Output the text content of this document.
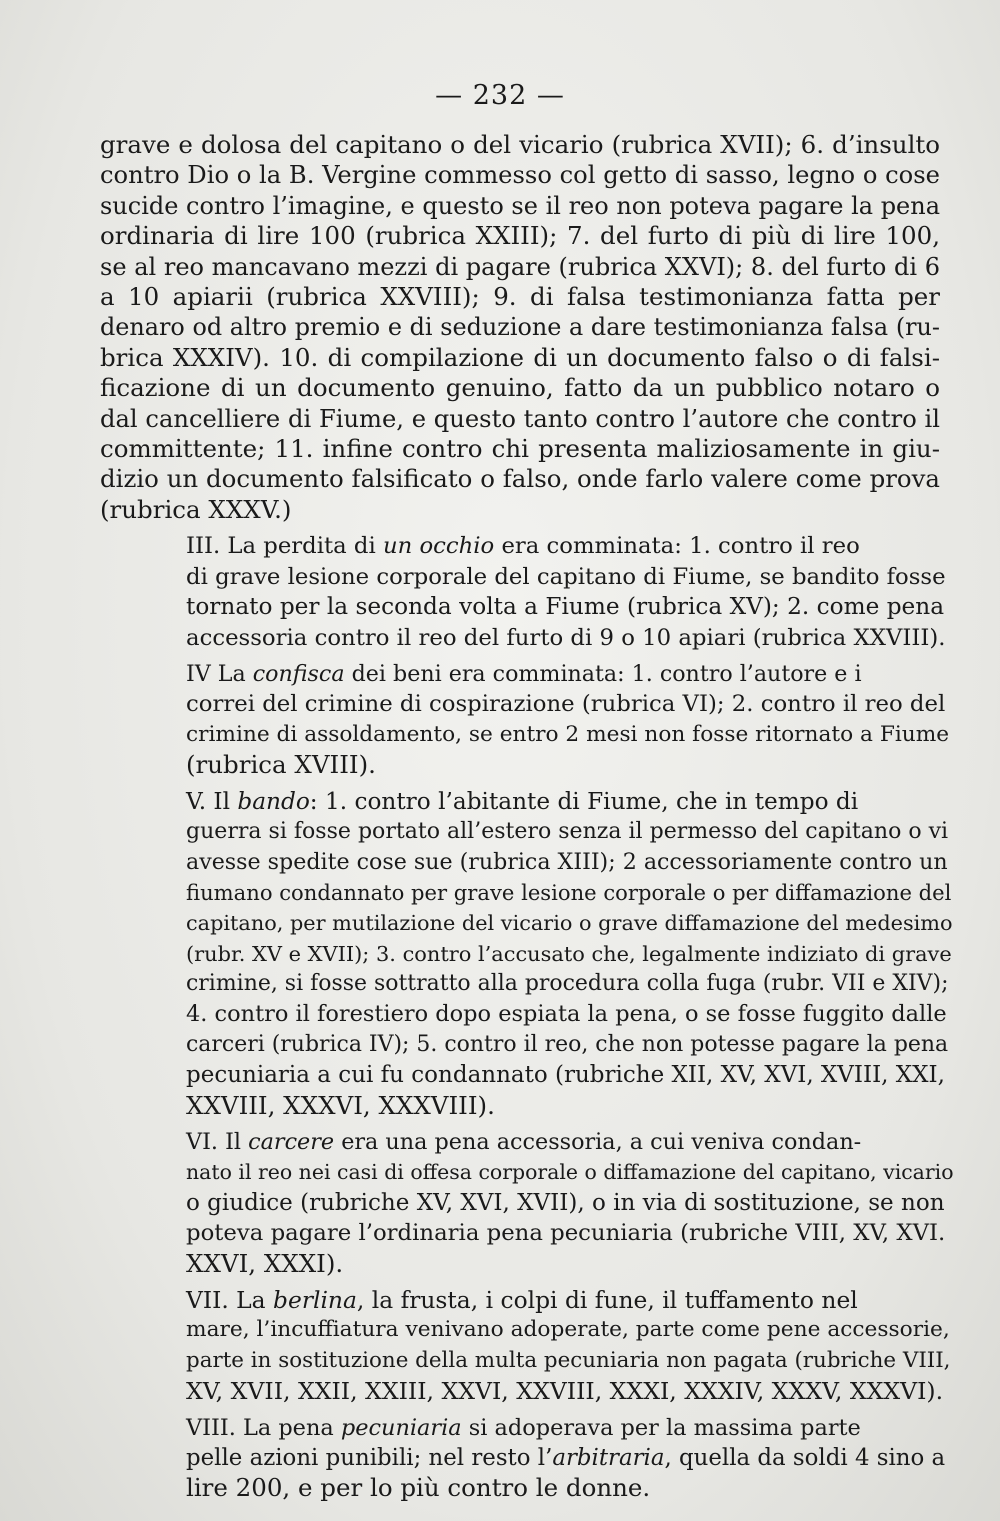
— 232 —
grave e dolosa del capitano o del vicario (rubrica XVII); 6. d’insulto
contro Dio o la B. Vergine commesso col getto di sasso, legno o cose
sucide contro l’imagine, e questo se il reo non poteva pagare la pena
ordinaria di lire 100 (rubrica XXIII); 7. del furto di più di lire 100,
se al reo mancavano mezzi di pagare (rubrica XXVI); 8. del furto di 6
a 10 apiarii (rubrica XXVIII); 9. di falsa testimonianza fatta per
denaro od altro premio e di seduzione a dare testimonianza falsa (ru-
brica XXXIV). 10. di compilazione di un documento falso o di falsi-
ficazione di un documento genuino, fatto da un pubblico notaro o
dal cancelliere di Fiume, e questo tanto contro l’autore che contro il
committente; 11. infine contro chi presenta maliziosamente in giu-
dizio un documento falsificato o falso, onde farlo valere come prova
(rubrica XXXV.)
III. La perdita di un occhio era comminata: 1. contro il reo
di grave lesione corporale del capitano di Fiume, se bandito fosse
tornato per la seconda volta a Fiume (rubrica XV); 2. come pena
accessoria contro il reo del furto di 9 o 10 apiari (rubrica XXVIII).
IV La confisca dei beni era comminata: 1. contro l’autore e i
correi del crimine di cospirazione (rubrica VI); 2. contro il reo del
crimine di assoldamento, se entro 2 mesi non fosse ritornato a Fiume
(rubrica XVIII).
V. Il bando: 1. contro l’abitante di Fiume, che in tempo di
guerra si fosse portato all’estero senza il permesso del capitano o vi
avesse spedite cose sue (rubrica XIII); 2 accessoriamente contro un
fiumano condannato per grave lesione corporale o per diffamazione del
capitano, per mutilazione del vicario o grave diffamazione del medesimo
(rubr. XV e XVII); 3. contro l’accusato che, legalmente indiziato di grave
crimine, si fosse sottratto alla procedura colla fuga (rubr. VII e XIV);
4. contro il forestiero dopo espiata la pena, o se fosse fuggito dalle
carceri (rubrica IV); 5. contro il reo, che non potesse pagare la pena
pecuniaria a cui fu condannato (rubriche XII, XV, XVI, XVIII, XXI,
XXVIII, XXXVI, XXXVIII).
VI. Il carcere era una pena accessoria, a cui veniva condan-
nato il reo nei casi di offesa corporale o diffamazione del capitano, vicario
o giudice (rubriche XV, XVI, XVII), o in via di sostituzione, se non
poteva pagare l’ordinaria pena pecuniaria (rubriche VIII, XV, XVI.
XXVI, XXXI).
VII. La berlina, la frusta, i colpi di fune, il tuffamento nel
mare, l’incuffiatura venivano adoperate, parte come pene accessorie,
parte in sostituzione della multa pecuniaria non pagata (rubriche VIII,
XV, XVII, XXII, XXIII, XXVI, XXVIII, XXXI, XXXIV, XXXV, XXXVI).
VIII. La pena pecuniaria si adoperava per la massima parte
pelle azioni punibili; nel resto l’arbitraria, quella da soldi 4 sino a
lire 200, e per lo più contro le donne.
